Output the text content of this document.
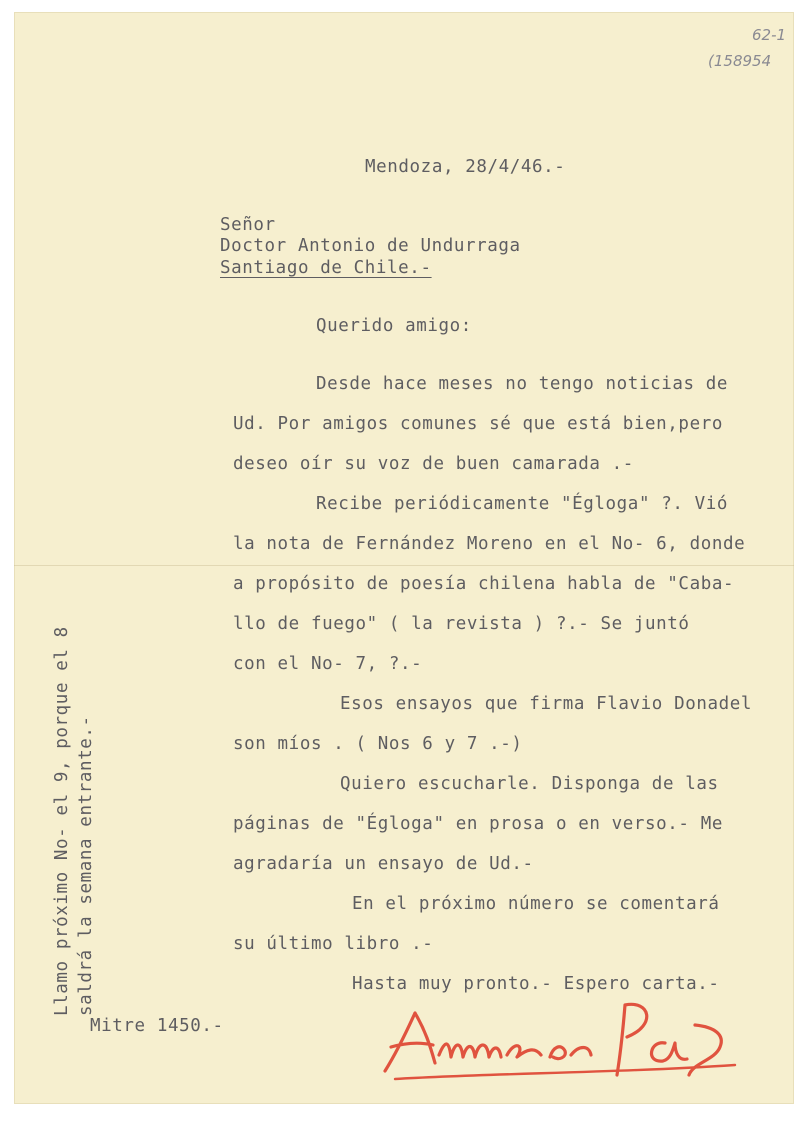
62-1
(158954
Mendoza, 28/4/46.-
Señor
Doctor Antonio de Undurraga
Santiago de Chile.-
Querido amigo:
Desde hace meses no tengo noticias de
Ud. Por amigos comunes sé que está bien,pero
deseo oír su voz de buen camarada .-
Recibe periódicamente "Égloga" ?. Vió
la nota de Fernández Moreno en el No- 6, donde
a propósito de poesía chilena habla de "Caba-
llo de fuego" ( la revista ) ?.- Se juntó
con el No- 7, ?.-
Esos ensayos que firma Flavio Donadel
son míos . ( Nos 6 y 7 .-)
Quiero escucharle. Disponga de las
páginas de "Égloga" en prosa o en verso.- Me
agradaría un ensayo de Ud.-
En el próximo número se comentará
su último libro .-
Hasta muy pronto.- Espero carta.-
Mitre 1450.-
Llamo próximo No- el 9, porque el 8 saldrá la semana entrante.-
